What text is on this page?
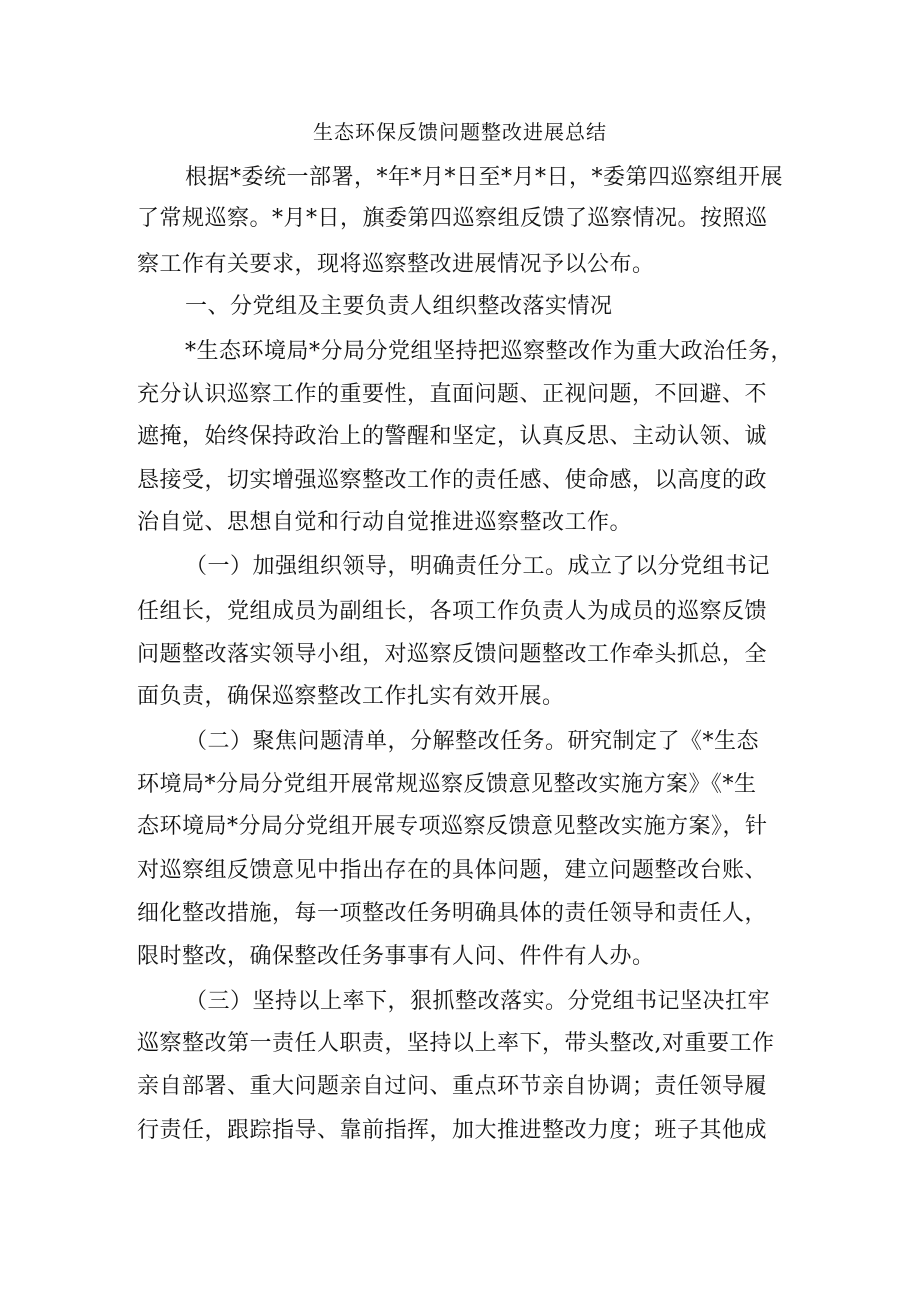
生态环保反馈问题整改进展总结
根据*委统一部署，*年*月*日至*月*日，*委第四巡察组开展
了常规巡察。*月*日，旗委第四巡察组反馈了巡察情况。按照巡
察工作有关要求，现将巡察整改进展情况予以公布。
一、分党组及主要负责人组织整改落实情况
*生态环境局*分局分党组坚持把巡察整改作为重大政治任务，
充分认识巡察工作的重要性，直面问题、正视问题，不回避、不
遮掩，始终保持政治上的警醒和坚定，认真反思、主动认领、诚
恳接受，切实增强巡察整改工作的责任感、使命感，以高度的政
治自觉、思想自觉和行动自觉推进巡察整改工作。
（一）加强组织领导，明确责任分工。成立了以分党组书记
任组长，党组成员为副组长，各项工作负责人为成员的巡察反馈
问题整改落实领导小组，对巡察反馈问题整改工作牵头抓总，全
面负责，确保巡察整改工作扎实有效开展。
（二）聚焦问题清单，分解整改任务。研究制定了《*生态
环境局*分局分党组开展常规巡察反馈意见整改实施方案》《*生
态环境局*分局分党组开展专项巡察反馈意见整改实施方案》，针
对巡察组反馈意见中指出存在的具体问题，建立问题整改台账、
细化整改措施，每一项整改任务明确具体的责任领导和责任人，
限时整改，确保整改任务事事有人问、件件有人办。
（三）坚持以上率下，狠抓整改落实。分党组书记坚决扛牢
巡察整改第一责任人职责，坚持以上率下，带头整改,对重要工作
亲自部署、重大问题亲自过问、重点环节亲自协调；责任领导履
行责任，跟踪指导、靠前指挥，加大推进整改力度；班子其他成
